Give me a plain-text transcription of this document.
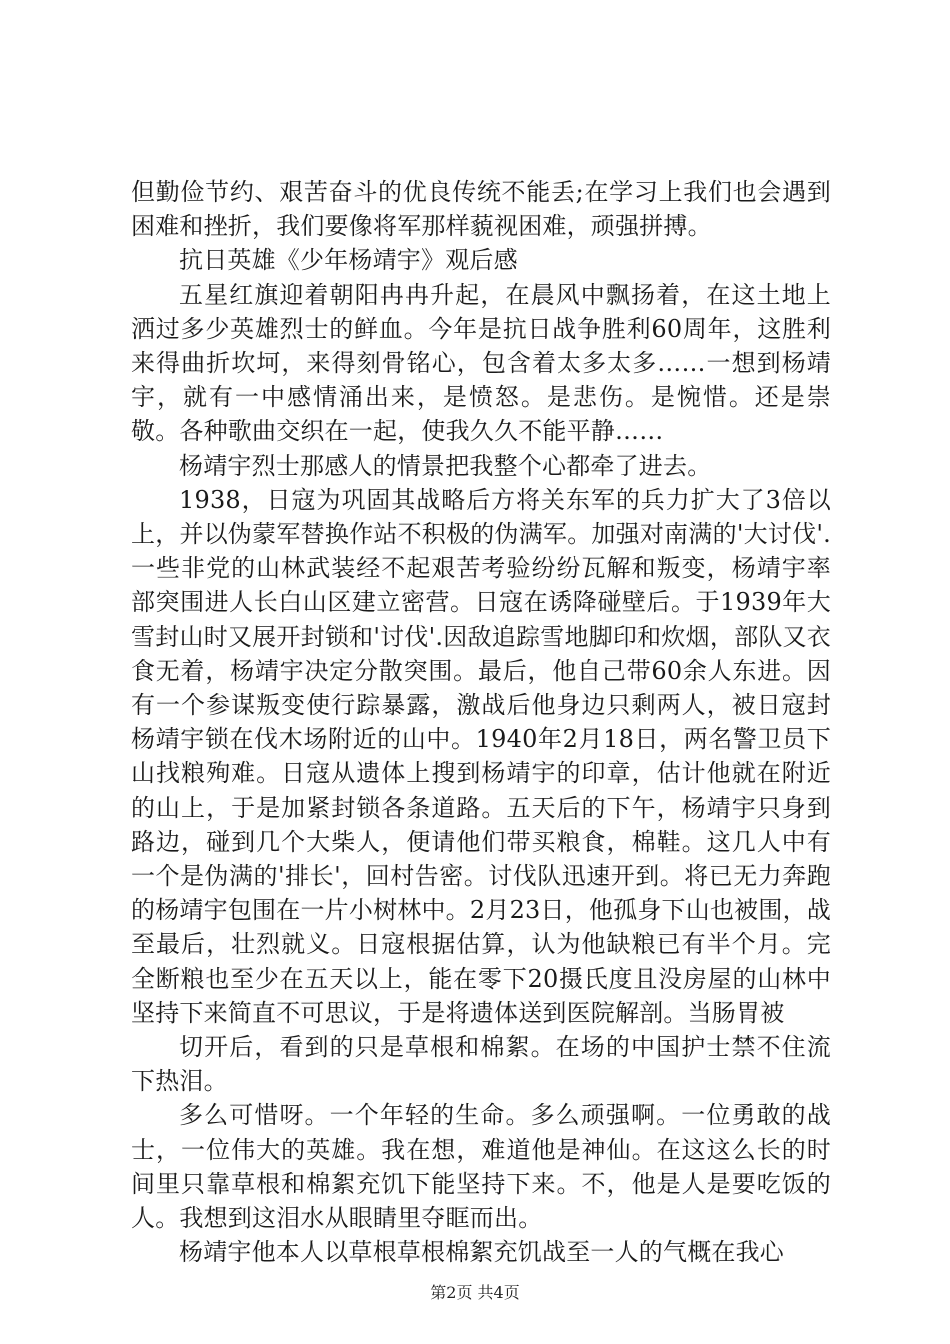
但勤俭节约、艰苦奋斗的优良传统不能丢;在学习上我们也会遇到困难和挫折，我们要像将军那样藐视困难，顽强拼搏。

抗日英雄《少年杨靖宇》观后感

五星红旗迎着朝阳冉冉升起，在晨风中飘扬着，在这土地上洒过多少英雄烈士的鲜血。今年是抗日战争胜利60周年，这胜利来得曲折坎坷，来得刻骨铭心，包含着太多太多……一想到杨靖宇，就有一中感情涌出来，是愤怒。是悲伤。是惋惜。还是崇敬。各种歌曲交织在一起，使我久久不能平静……

杨靖宇烈士那感人的情景把我整个心都牵了进去。

1938，日寇为巩固其战略后方将关东军的兵力扩大了3倍以上，并以伪蒙军替换作站不积极的伪满军。加强对南满的'大讨伐'.一些非党的山林武装经不起艰苦考验纷纷瓦解和叛变，杨靖宇率部突围进人长白山区建立密营。日寇在诱降碰壁后。于1939年大雪封山时又展开封锁和'讨伐'.因敌追踪雪地脚印和炊烟，部队又衣食无着，杨靖宇决定分散突围。最后，他自己带60余人东进。因有一个参谋叛变使行踪暴露，激战后他身边只剩两人，被日寇封杨靖宇锁在伐木场附近的山中。1940年2月18日，两名警卫员下山找粮殉难。日寇从遗体上搜到杨靖宇的印章，估计他就在附近的山上，于是加紧封锁各条道路。五天后的下午，杨靖宇只身到路边，碰到几个大柴人，便请他们带买粮食，棉鞋。这几人中有一个是伪满的'排长'，回村告密。讨伐队迅速开到。将已无力奔跑的杨靖宇包围在一片小树林中。2月23日，他孤身下山也被围，战至最后，壮烈就义。日寇根据估算，认为他缺粮已有半个月。完全断粮也至少在五天以上，能在零下20摄氏度且没房屋的山林中坚持下来简直不可思议，于是将遗体送到医院解剖。当肠胃被

切开后，看到的只是草根和棉絮。在场的中国护士禁不住流下热泪。

多么可惜呀。一个年轻的生命。多么顽强啊。一位勇敢的战士，一位伟大的英雄。我在想，难道他是神仙。在这这么长的时间里只靠草根和棉絮充饥下能坚持下来。不，他是人是要吃饭的人。我想到这泪水从眼睛里夺眶而出。

杨靖宇他本人以草根草根棉絮充饥战至一人的气概在我心

第2页 共4页
